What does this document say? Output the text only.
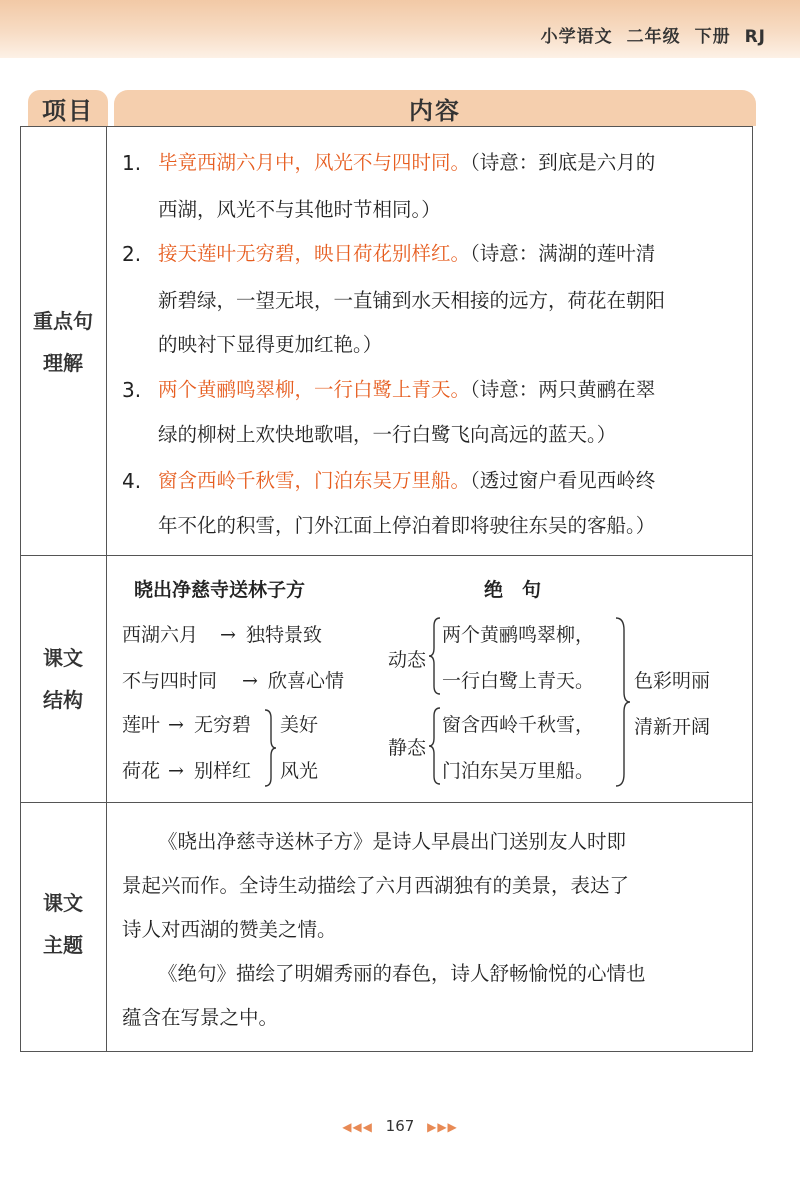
小学语文 二年级 下册 RJ
项目	内容
重点句
理解
1. 毕竟西湖六月中，风光不与四时同。（诗意：到底是六月的
西湖，风光不与其他时节相同。）
2. 接天莲叶无穷碧，映日荷花别样红。（诗意：满湖的莲叶清
新碧绿，一望无垠，一直铺到水天相接的远方，荷花在朝阳
的映衬下显得更加红艳。）
3. 两个黄鹂鸣翠柳，一行白鹭上青天。（诗意：两只黄鹂在翠
绿的柳树上欢快地歌唱，一行白鹭飞向高远的蓝天。）
4. 窗含西岭千秋雪，门泊东吴万里船。（透过窗户看见西岭终
年不化的积雪，门外江面上停泊着即将驶往东吴的客船。）
课文
结构
晓出净慈寺送林子方	绝　句
西湖六月 → 独特景致
不与四时同 → 欣喜心情
莲叶 → 无穷碧
荷花 → 别样红
美好
风光
动态
两个黄鹂鸣翠柳，
一行白鹭上青天。
静态
窗含西岭千秋雪，
门泊东吴万里船。
色彩明丽
清新开阔
课文
主题
《晓出净慈寺送林子方》是诗人早晨出门送别友人时即
景起兴而作。全诗生动描绘了六月西湖独有的美景，表达了
诗人对西湖的赞美之情。
《绝句》描绘了明媚秀丽的春色，诗人舒畅愉悦的心情也
蕴含在写景之中。
◀◀◀ 167 ▶▶▶
